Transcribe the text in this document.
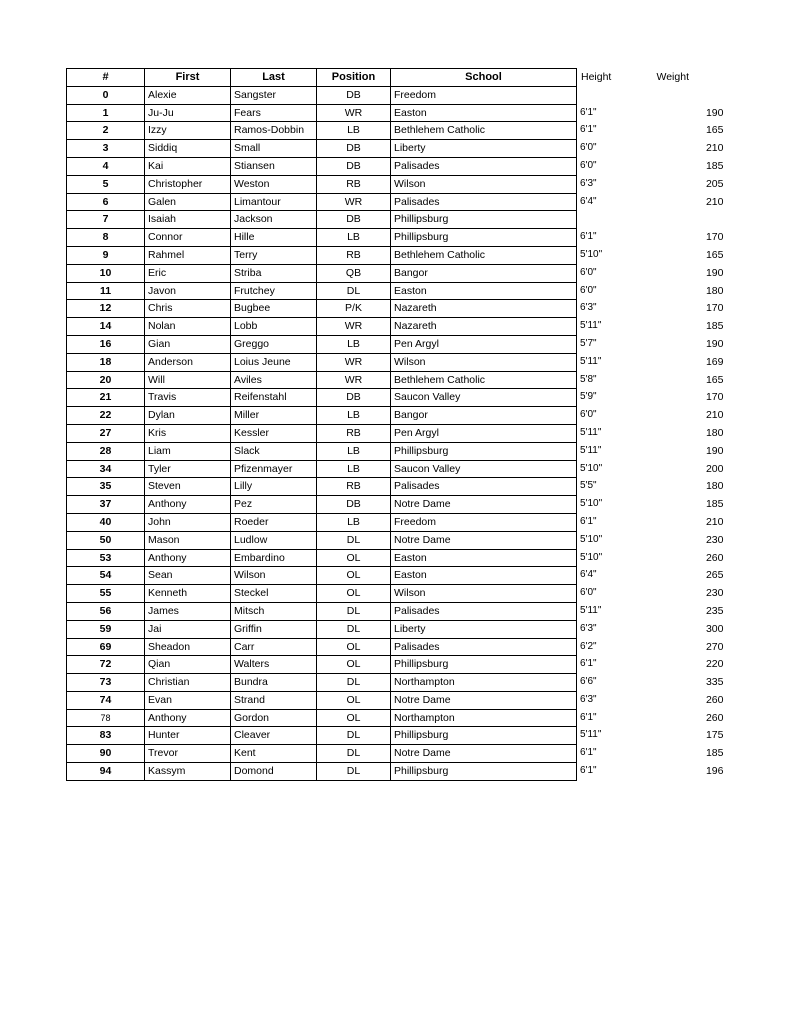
#	First	Last	Position	School	Height	Weight
0	Alexie	Sangster	DB	Freedom		
1	Ju-Ju	Fears	WR	Easton	6'1"	190
2	Izzy	Ramos-Dobbin	LB	Bethlehem Catholic	6'1"	165
3	Siddiq	Small	DB	Liberty	6'0"	210
4	Kai	Stiansen	DB	Palisades	6'0"	185
5	Christopher	Weston	RB	Wilson	6'3"	205
6	Galen	Limantour	WR	Palisades	6'4"	210
7	Isaiah	Jackson	DB	Phillipsburg		
8	Connor	Hille	LB	Phillipsburg	6'1"	170
9	Rahmel	Terry	RB	Bethlehem Catholic	5'10"	165
10	Eric	Striba	QB	Bangor	6'0"	190
11	Javon	Frutchey	DL	Easton	6'0"	180
12	Chris	Bugbee	P/K	Nazareth	6'3"	170
14	Nolan	Lobb	WR	Nazareth	5'11"	185
16	Gian	Greggo	LB	Pen Argyl	5'7"	190
18	Anderson	Loius Jeune	WR	Wilson	5'11"	169
20	Will	Aviles	WR	Bethlehem Catholic	5'8"	165
21	Travis	Reifenstahl	DB	Saucon Valley	5'9"	170
22	Dylan	Miller	LB	Bangor	6'0"	210
27	Kris	Kessler	RB	Pen Argyl	5'11"	180
28	Liam	Slack	LB	Phillipsburg	5'11"	190
34	Tyler	Pfizenmayer	LB	Saucon Valley	5'10"	200
35	Steven	Lilly	RB	Palisades	5'5"	180
37	Anthony	Pez	DB	Notre Dame	5'10"	185
40	John	Roeder	LB	Freedom	6'1"	210
50	Mason	Ludlow	DL	Notre Dame	5'10"	230
53	Anthony	Embardino	OL	Easton	5'10"	260
54	Sean	Wilson	OL	Easton	6'4"	265
55	Kenneth	Steckel	OL	Wilson	6'0"	230
56	James	Mitsch	DL	Palisades	5'11"	235
59	Jai	Griffin	DL	Liberty	6'3"	300
69	Sheadon	Carr	OL	Palisades	6'2"	270
72	Qian	Walters	OL	Phillipsburg	6'1"	220
73	Christian	Bundra	DL	Northampton	6'6"	335
74	Evan	Strand	OL	Notre Dame	6'3"	260
78	Anthony	Gordon	OL	Northampton	6'1"	260
83	Hunter	Cleaver	DL	Phillipsburg	5'11"	175
90	Trevor	Kent	DL	Notre Dame	6'1"	185
94	Kassym	Domond	DL	Phillipsburg	6'1"	196
